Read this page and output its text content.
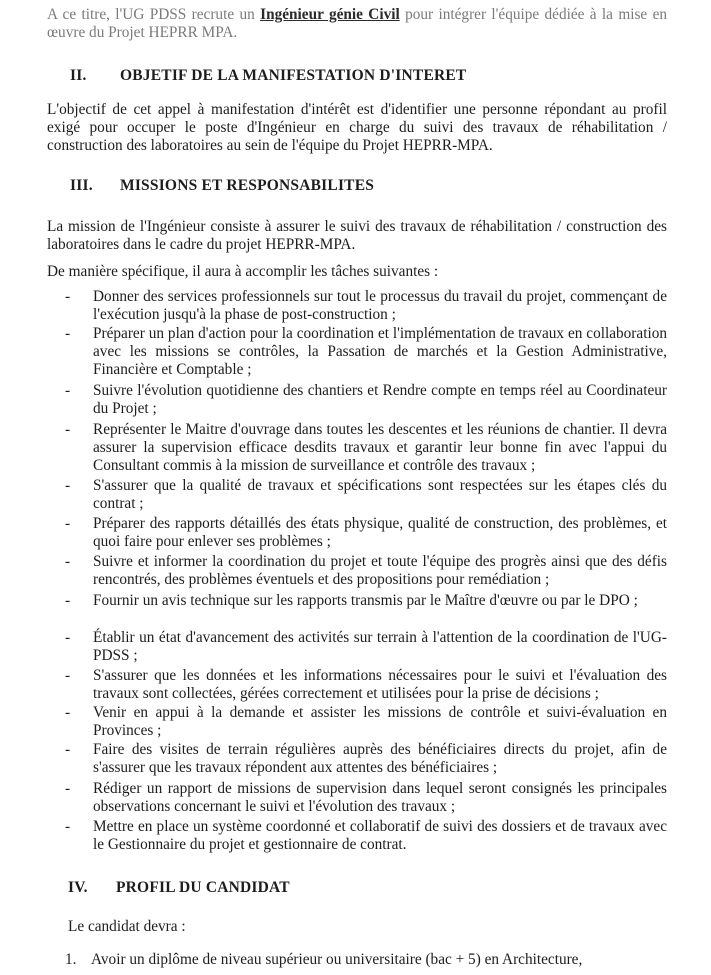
A ce titre, l'UG PDSS recrute un Ingénieur génie Civil pour intégrer l'équipe dédiée à la mise en œuvre du Projet HEPRR MPA.

II. OBJETIF DE LA MANIFESTATION D'INTERET

L'objectif de cet appel à manifestation d'intérêt est d'identifier une personne répondant au profil exigé pour occuper le poste d'Ingénieur en charge du suivi des travaux de réhabilitation / construction des laboratoires au sein de l'équipe du Projet HEPRR-MPA.

III. MISSIONS ET RESPONSABILITES

La mission de l'Ingénieur consiste à assurer le suivi des travaux de réhabilitation / construction des laboratoires dans le cadre du projet HEPRR-MPA.

De manière spécifique, il aura à accomplir les tâches suivantes :

- Donner des services professionnels sur tout le processus du travail du projet, commençant de l'exécution jusqu'à la phase de post-construction ;
- Préparer un plan d'action pour la coordination et l'implémentation de travaux en collaboration avec les missions se contrôles, la Passation de marchés et la Gestion Administrative, Financière et Comptable ;
- Suivre l'évolution quotidienne des chantiers et Rendre compte en temps réel au Coordinateur du Projet ;
- Représenter le Maitre d'ouvrage dans toutes les descentes et les réunions de chantier. Il devra assurer la supervision efficace desdits travaux et garantir leur bonne fin avec l'appui du Consultant commis à la mission de surveillance et contrôle des travaux ;
- S'assurer que la qualité de travaux et spécifications sont respectées sur les étapes clés du contrat ;
- Préparer des rapports détaillés des états physique, qualité de construction, des problèmes, et quoi faire pour enlever ses problèmes ;
- Suivre et informer la coordination du projet et toute l'équipe des progrès ainsi que des défis rencontrés, des problèmes éventuels et des propositions pour remédiation ;
- Fournir un avis technique sur les rapports transmis par le Maître d'œuvre ou par le DPO ;
- Établir un état d'avancement des activités sur terrain à l'attention de la coordination de l'UG-PDSS ;
- S'assurer que les données et les informations nécessaires pour le suivi et l'évaluation des travaux sont collectées, gérées correctement et utilisées pour la prise de décisions ;
- Venir en appui à la demande et assister les missions de contrôle et suivi-évaluation en Provinces ;
- Faire des visites de terrain régulières auprès des bénéficiaires directs du projet, afin de s'assurer que les travaux répondent aux attentes des bénéficiaires ;
- Rédiger un rapport de missions de supervision dans lequel seront consignés les principales observations concernant le suivi et l'évolution des travaux ;
- Mettre en place un système coordonné et collaboratif de suivi des dossiers et de travaux avec le Gestionnaire du projet et gestionnaire de contrat.
IV. PROFIL DU CANDIDAT

Le candidat devra :

1. Avoir un diplôme de niveau supérieur ou universitaire (bac + 5) en Architecture,
